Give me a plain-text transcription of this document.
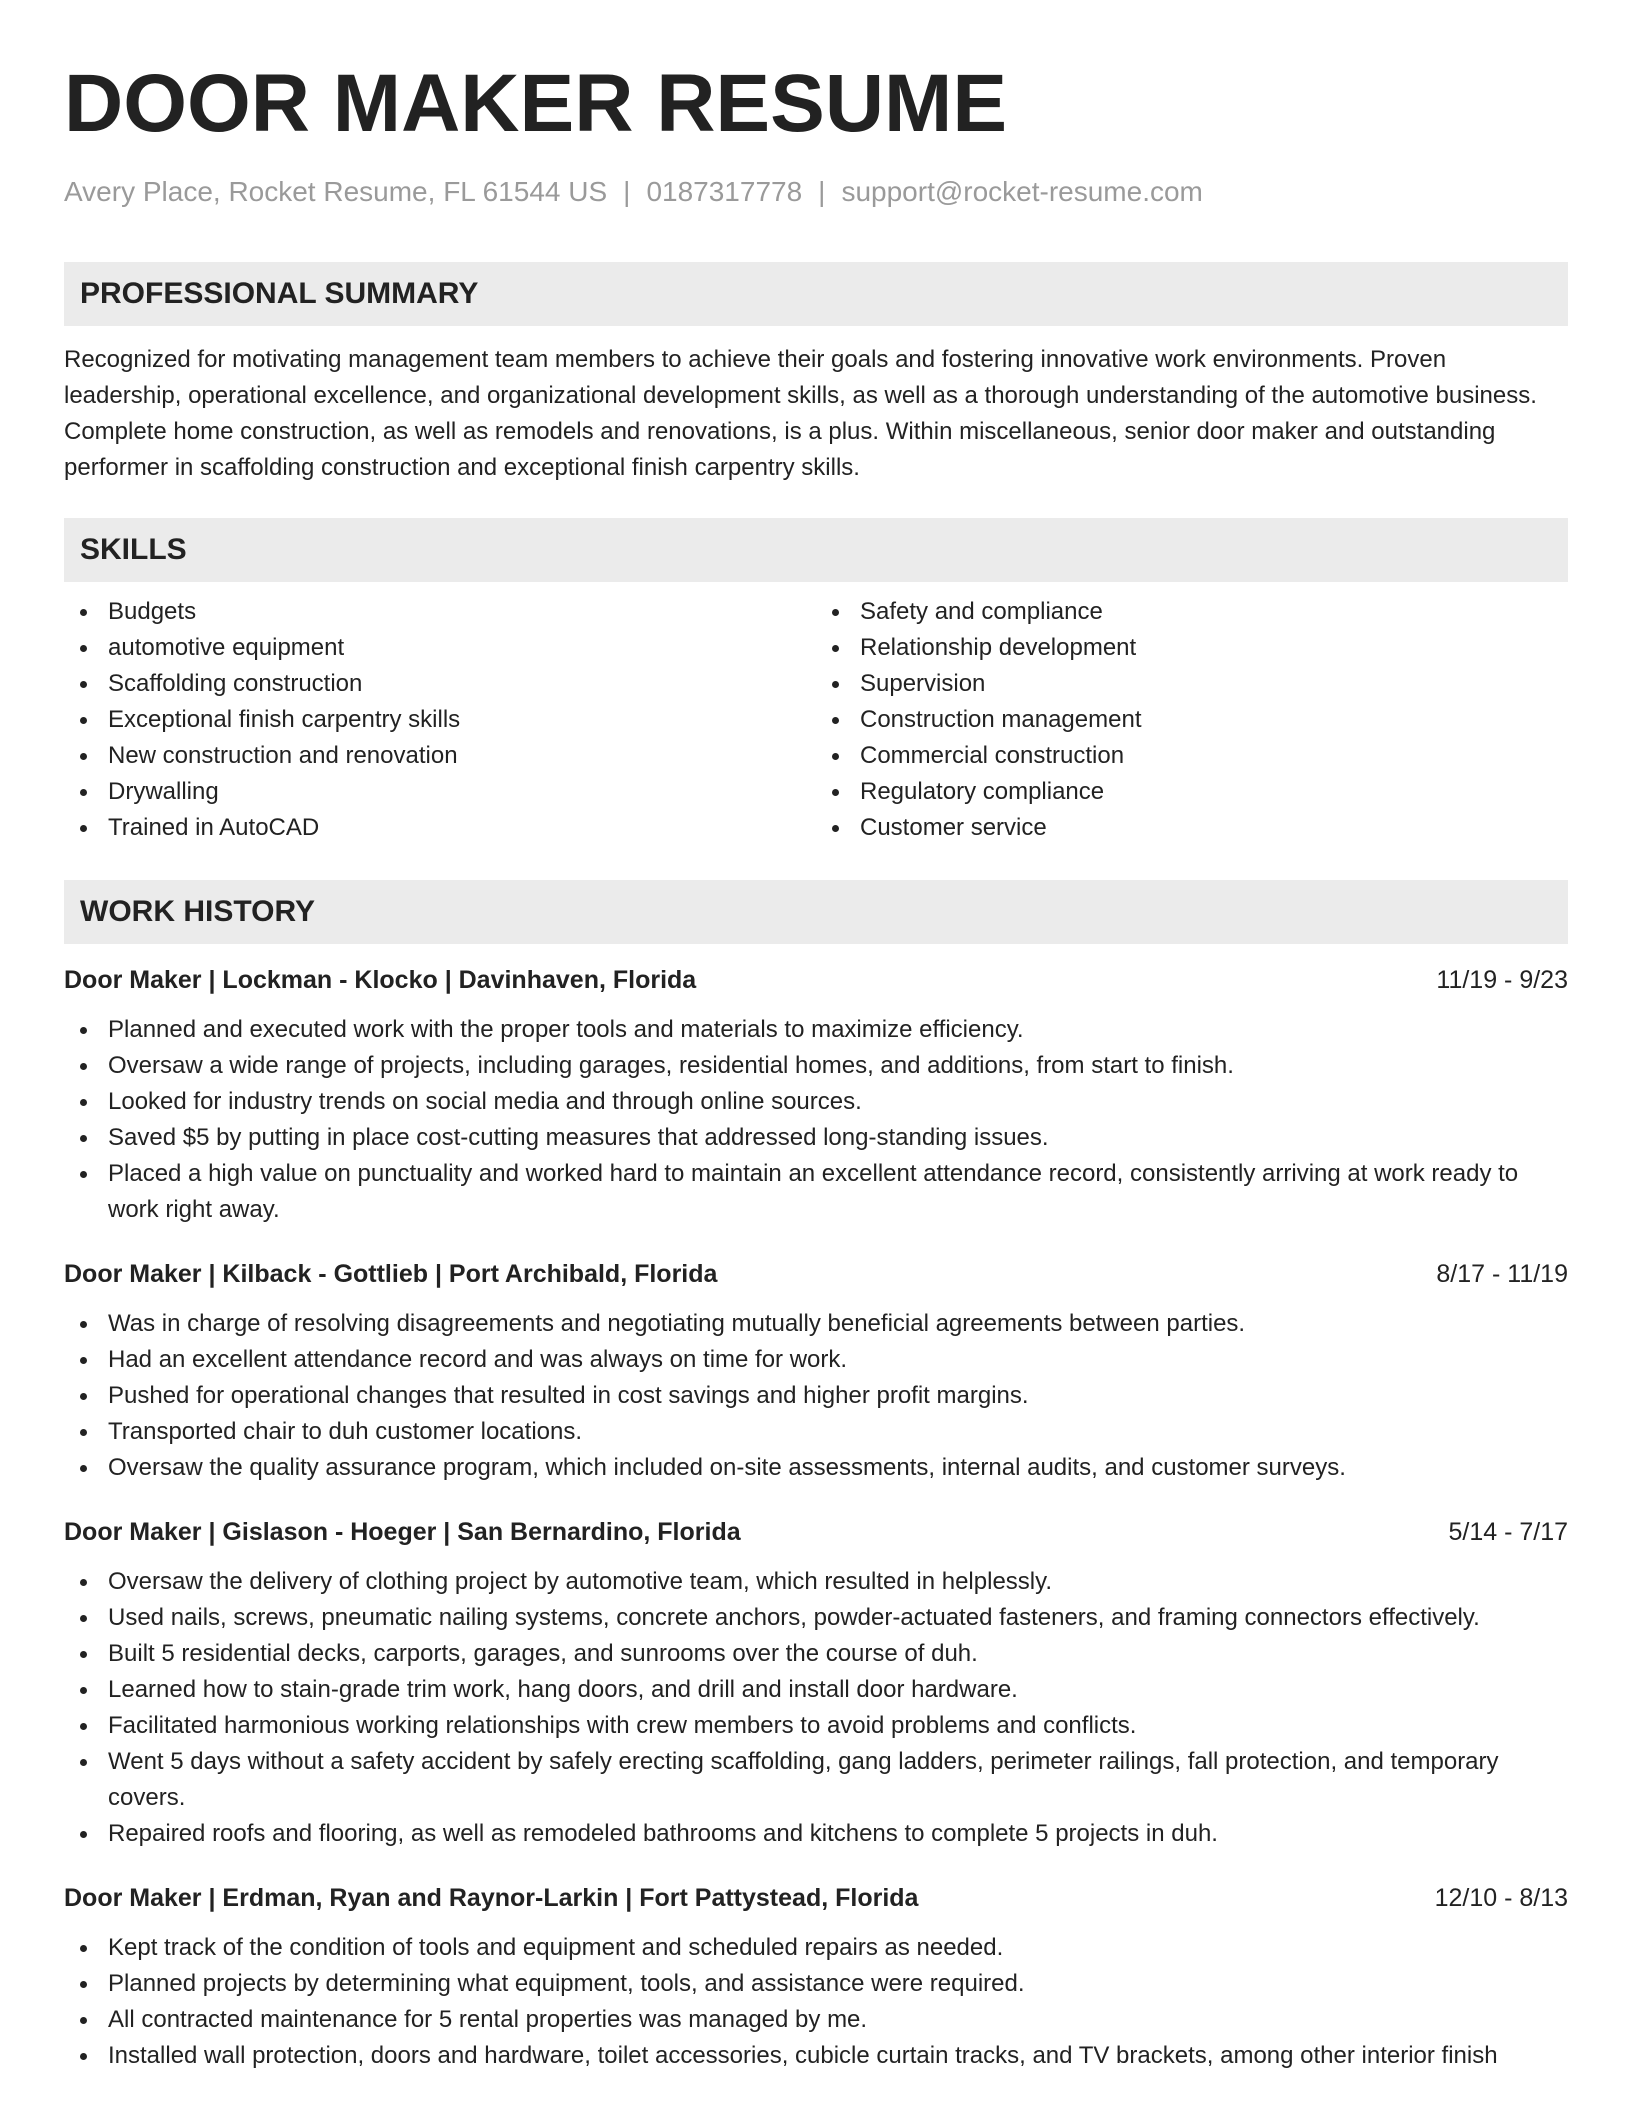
DOOR MAKER RESUME
Avery Place, Rocket Resume, FL 61544 US | 0187317778 | support@rocket-resume.com
PROFESSIONAL SUMMARY

Recognized for motivating management team members to achieve their goals and fostering innovative work environments. Proven leadership, operational excellence, and organizational development skills, as well as a thorough understanding of the automotive business. Complete home construction, as well as remodels and renovations, is a plus. Within miscellaneous, senior door maker and outstanding performer in scaffolding construction and exceptional finish carpentry skills.

SKILLS
Budgets
automotive equipment
Scaffolding construction
Exceptional finish carpentry skills
New construction and renovation
Drywalling
Trained in AutoCAD
Safety and compliance
Relationship development
Supervision
Construction management
Commercial construction
Regulatory compliance
Customer service
WORK HISTORY
Door Maker | Lockman - Klocko | Davinhaven, Florida	11/19 - 9/23
Planned and executed work with the proper tools and materials to maximize efficiency.
Oversaw a wide range of projects, including garages, residential homes, and additions, from start to finish.
Looked for industry trends on social media and through online sources.
Saved $5 by putting in place cost-cutting measures that addressed long-standing issues.
Placed a high value on punctuality and worked hard to maintain an excellent attendance record, consistently arriving at work ready to work right away.
Door Maker | Kilback - Gottlieb | Port Archibald, Florida	8/17 - 11/19
Was in charge of resolving disagreements and negotiating mutually beneficial agreements between parties.
Had an excellent attendance record and was always on time for work.
Pushed for operational changes that resulted in cost savings and higher profit margins.
Transported chair to duh customer locations.
Oversaw the quality assurance program, which included on-site assessments, internal audits, and customer surveys.
Door Maker | Gislason - Hoeger | San Bernardino, Florida	5/14 - 7/17
Oversaw the delivery of clothing project by automotive team, which resulted in helplessly.
Used nails, screws, pneumatic nailing systems, concrete anchors, powder-actuated fasteners, and framing connectors effectively.
Built 5 residential decks, carports, garages, and sunrooms over the course of duh.
Learned how to stain-grade trim work, hang doors, and drill and install door hardware.
Facilitated harmonious working relationships with crew members to avoid problems and conflicts.
Went 5 days without a safety accident by safely erecting scaffolding, gang ladders, perimeter railings, fall protection, and temporary covers.
Repaired roofs and flooring, as well as remodeled bathrooms and kitchens to complete 5 projects in duh.
Door Maker | Erdman, Ryan and Raynor-Larkin | Fort Pattystead, Florida	12/10 - 8/13
Kept track of the condition of tools and equipment and scheduled repairs as needed.
Planned projects by determining what equipment, tools, and assistance were required.
All contracted maintenance for 5 rental properties was managed by me.
Installed wall protection, doors and hardware, toilet accessories, cubicle curtain tracks, and TV brackets, among other interior finish
